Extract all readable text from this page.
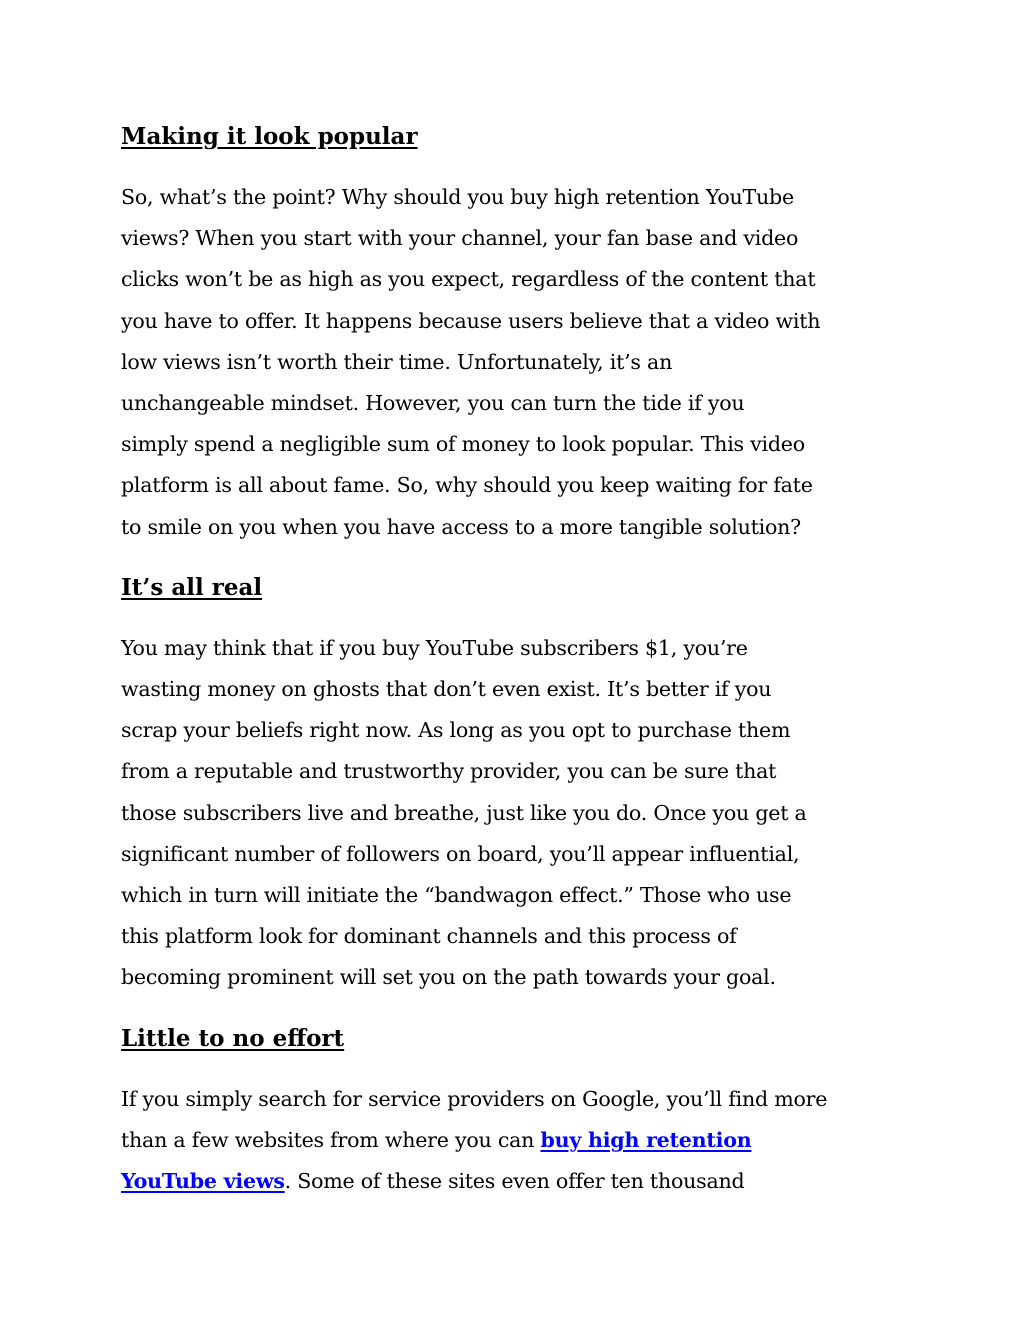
Making it look popular

So, what’s the point? Why should you buy high retention YouTube
views? When you start with your channel, your fan base and video
clicks won’t be as high as you expect, regardless of the content that
you have to offer. It happens because users believe that a video with
low views isn’t worth their time. Unfortunately, it’s an
unchangeable mindset. However, you can turn the tide if you
simply spend a negligible sum of money to look popular. This video
platform is all about fame. So, why should you keep waiting for fate
to smile on you when you have access to a more tangible solution?

It’s all real

You may think that if you buy YouTube subscribers $1, you’re
wasting money on ghosts that don’t even exist. It’s better if you
scrap your beliefs right now. As long as you opt to purchase them
from a reputable and trustworthy provider, you can be sure that
those subscribers live and breathe, just like you do. Once you get a
significant number of followers on board, you’ll appear influential,
which in turn will initiate the “bandwagon effect.” Those who use
this platform look for dominant channels and this process of
becoming prominent will set you on the path towards your goal.

Little to no effort

If you simply search for service providers on Google, you’ll find more
than a few websites from where you can buy high retention
YouTube views. Some of these sites even offer ten thousand
